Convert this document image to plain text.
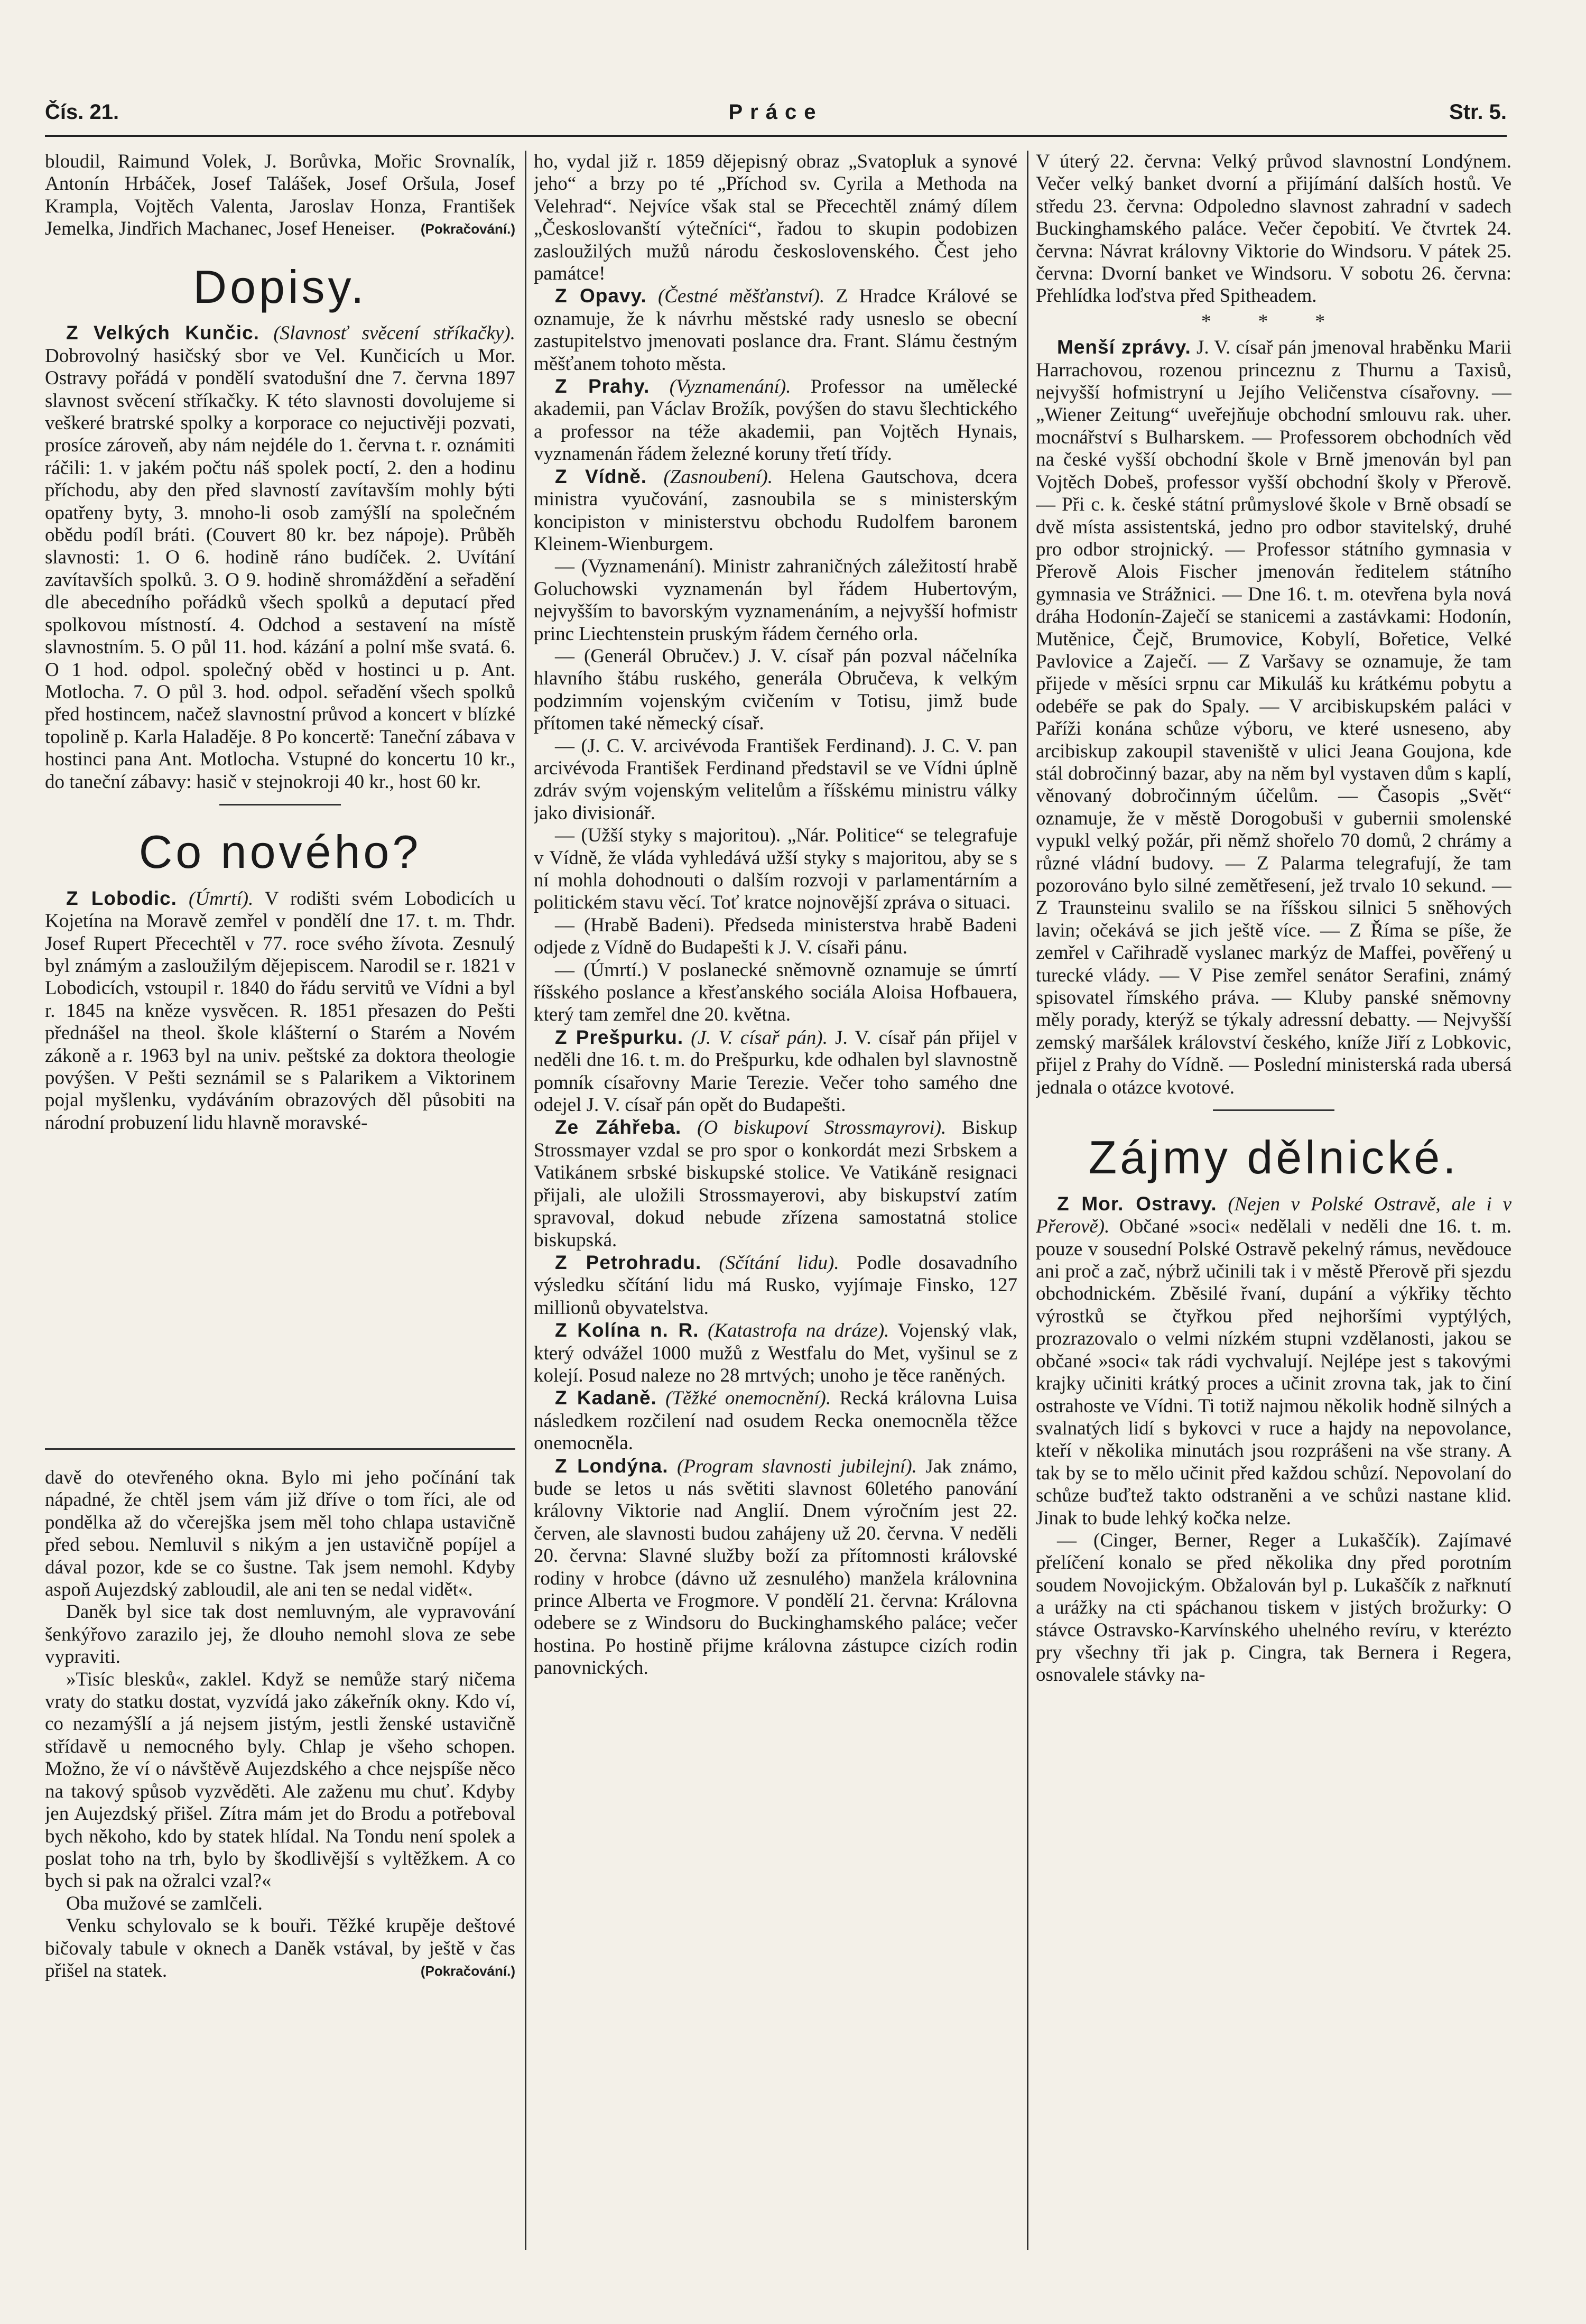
Čís. 21.	Práce	Str. 5.

bloudil, Raimund Volek, J. Borůvka, Mořic Srovnalík, Antonín Hrbáček, Josef Talášek, Josef Oršula, Josef Krampla, Vojtěch Valenta, Jaroslav Honza, František Jemelka, Jindřich Machanec, Josef Heneiser. (Pokračování.)

Dopisy.

Z Velkých Kunčic. (Slavnosť svěcení stříkačky). Dobrovolný hasičský sbor ve Vel. Kunčicích u Mor. Ostravy pořádá v pondělí svatodušní dne 7. června 1897 slavnost svěcení stříkačky. K této slavnosti dovolujeme si veškeré bratrské spolky a korporace co nejuctivěji pozvati, prosíce zároveň, aby nám nejdéle do 1. června t. r. oznámiti ráčili: 1. v jakém počtu náš spolek poctí, 2. den a hodinu příchodu, aby den před slavností zavítavším mohly býti opatřeny byty, 3. mnoho-li osob zamýšlí na společném obědu podíl bráti. (Couvert 80 kr. bez nápoje). Průběh slavnosti: 1. O 6. hodině ráno budíček. 2. Uvítání zavítavších spolků. 3. O 9. hodině shromáždění a seřadění dle abecedního pořádků všech spolků a deputací před spolkovou místností. 4. Odchod a sestavení na místě slavnostním. 5. O půl 11. hod. kázání a polní mše svatá. 6. O 1 hod. odpol. společný oběd v hostinci u p. Ant. Motlocha. 7. O půl 3. hod. odpol. seřadění všech spolků před hostincem, načež slavnostní průvod a koncert v blízké topolině p. Karla Haladěje. 8 Po koncertě: Taneční zábava v hostinci pana Ant. Motlocha. Vstupné do koncertu 10 kr., do taneční zábavy: hasič v stejnokroji 40 kr., host 60 kr.

Co nového?

Z Lobodic. (Úmrtí). V rodišti svém Lobodicích u Kojetína na Moravě zemřel v pondělí dne 17. t. m. Thdr. Josef Rupert Přecechtěl v 77. roce svého žívota. Zesnulý byl známým a zasloužilým dějepiscem. Narodil se r. 1821 v Lobodicích, vstoupil r. 1840 do řádu servitů ve Vídni a byl r. 1845 na kněze vysvěcen. R. 1851 přesazen do Pešti přednášel na theol. škole klášterní o Starém a Novém zákoně a r. 1963 byl na univ. peštské za doktora theologie povýšen. V Pešti seznámil se s Palarikem a Viktorinem pojal myšlenku, vydáváním obrazových děl působiti na národní probuzení lidu hlavně moravské-

davě do otevřeného okna. Bylo mi jeho počínání tak nápadné, že chtěl jsem vám již dříve o tom říci, ale od pondělka až do včerejška jsem měl toho chlapa ustavičně před sebou. Nemluvil s nikým a jen ustavičně popíjel a dával pozor, kde se co šustne. Tak jsem nemohl. Kdyby aspoň Aujezdský zabloudil, ale ani ten se nedal vidět«.

Daněk byl sice tak dost nemluvným, ale vypravování šenkýřovo zarazilo jej, že dlouho nemohl slova ze sebe vypraviti.

»Tisíc blesků«, zaklel. Když se nemůže starý ničema vraty do statku dostat, vyzvídá jako zákeřník okny. Kdo ví, co nezamýšlí a já nejsem jistým, jestli ženské ustavičně střídavě u nemocného byly. Chlap je všeho schopen. Možno, že ví o návštěvě Aujezdského a chce nejspíše něco na takový spůsob vyzvěděti. Ale zaženu mu chuť. Kdyby jen Aujezdský přišel. Zítra mám jet do Brodu a potřeboval bych někoho, kdo by statek hlídal. Na Tondu není spolek a poslat toho na trh, bylo by škodlivější s vyltěžkem. A co bych si pak na ožralci vzal?«

Oba mužové se zamlčeli.

Venku schylovalo se k bouři. Těžké krupěje deštové bičovaly tabule v oknech a Daněk vstával, by ještě v čas přišel na statek.	(Pokračování.)

ho, vydal již r. 1859 dějepisný obraz „Svatopluk a synové jeho“ a brzy po té „Příchod sv. Cyrila a Methoda na Velehrad“. Nejvíce však stal se Přecechtěl známý dílem „Českoslovanští výtečníci“, řadou to skupin podobizen zasloužilých mužů národu československého. Čest jeho památce!

Z Opavy. (Čestné měšťanství). Z Hradce Králové se oznamuje, že k návrhu městské rady usneslo se obecní zastupitelstvo jmenovati poslance dra. Frant. Slámu čestným měšťanem tohoto města.

Z Prahy. (Vyznamenání). Professor na umělecké akademii, pan Václav Brožík, povýšen do stavu šlechtického a professor na téže akademii, pan Vojtěch Hynais, vyznamenán řádem železné koruny třetí třídy.

Z Vídně. (Zasnoubení). Helena Gautschova, dcera ministra vyučování, zasnoubila se s ministerským koncipiston v ministerstvu obchodu Rudolfem baronem Kleinem-Wienburgem.

— (Vyznamenání). Ministr zahraničných záležitostí hrabě Goluchowski vyznamenán byl řádem Hubertovým, nejvyšším to bavorským vyznamenáním, a nejvyšší hofmistr princ Liechtenstein pruským řádem černého orla.

— (Generál Obručev.) J. V. císař pán pozval náčelníka hlavního štábu ruského, generála Obručeva, k velkým podzimním vojenským cvičením v Totisu, jimž bude přítomen také německý císař.

— (J. C. V. arcivévoda František Ferdinand). J. C. V. pan arcivévoda František Ferdinand představil se ve Vídni úplně zdráv svým vojenským velitelům a říšskému ministru války jako divisionář.

— (Užší styky s majoritou). „Nár. Politice“ se telegrafuje v Vídně, že vláda vyhledává užší styky s majoritou, aby se s ní mohla dohodnouti o dalším rozvoji v parlamentárním a politickém stavu věcí. Toť kratce nojnovější zpráva o situaci.

— (Hrabě Badeni). Předseda ministerstva hrabě Badeni odjede z Vídně do Budapešti k J. V. císaři pánu.

— (Úmrtí.) V poslanecké sněmovně oznamuje se úmrtí říšského poslance a křesťanského sociála Aloisa Hofbauera, který tam zemřel dne 20. května.

Z Prešpurku. (J. V. císař pán). J. V. císař pán přijel v neděli dne 16. t. m. do Prešpurku, kde odhalen byl slavnostně pomník císařovny Marie Terezie. Večer toho samého dne odejel J. V. císař pán opět do Budapešti.

Ze Záhřeba. (O biskupoví Strossmayrovi). Biskup Strossmayer vzdal se pro spor o konkordát mezi Srbskem a Vatikánem srbské biskupské stolice. Ve Vatikáně resignaci přijali, ale uložili Strossmayerovi, aby biskupství zatím spravoval, dokud nebude zřízena samostatná stolice biskupská.

Z Petrohradu. (Sčítání lidu). Podle dosavadního výsledku sčítání lidu má Rusko, vyjímaje Finsko, 127 millionů obyvatelstva.

Z Kolína n. R. (Katastrofa na dráze). Vojenský vlak, který odvážel 1000 mužů z Westfalu do Met, vyšinul se z kolejí. Posud naleze no 28 mrtvých; unoho je těce raněných.

Z Kadaně. (Těžké onemocnění). Recká královna Luisa následkem rozčilení nad osudem Recka onemocněla těžce onemocněla.

Z Londýna. (Program slavnosti jubilejní). Jak známo, bude se letos u nás světiti slavnost 60letého panování královny Viktorie nad Anglií. Dnem výročním jest 22. červen, ale slavnosti budou zahájeny už 20. června. V neděli 20. června: Slavné služby boží za přítomnosti královské rodiny v hrobce (dávno už zesnulého) manžela královnina prince Alberta ve Frogmore. V pondělí 21. června: Královna odebere se z Windsoru do Buckinghamského paláce; večer hostina. Po hostině přijme královna zástupce cizích rodin panovnických.

V úterý 22. června: Velký průvod slavnostní Londýnem. Večer velký banket dvorní a přijímání dalších hostů. Ve středu 23. června: Odpoledno slavnost zahradní v sadech Buckinghamského paláce. Večer čepobití. Ve čtvrtek 24. června: Návrat královny Viktorie do Windsoru. V pátek 25. června: Dvorní banket ve Windsoru. V sobotu 26. června: Přehlídka loďstva před Spitheadem.

* * *

Menší zprávy. J. V. císař pán jmenoval hraběnku Marii Harrachovou, rozenou princeznu z Thurnu a Taxisů, nejvyšší hofmistryní u Jejího Veličenstva císařovny. — „Wiener Zeitung“ uveřejňuje obchodní smlouvu rak. uher. mocnářství s Bulharskem. — Professorem obchodních věd na české vyšší obchodní škole v Brně jmenován byl pan Vojtěch Dobeš, professor vyšší obchodní školy v Přerově. — Při c. k. české státní průmyslové škole v Brně obsadí se dvě místa assistentská, jedno pro odbor stavitelský, druhé pro odbor strojnický. — Professor státního gymnasia v Přerově Alois Fischer jmenován ředitelem státního gymnasia ve Strážnici. — Dne 16. t. m. otevřena byla nová dráha Hodonín-Zaječí se stanicemi a zastávkami: Hodonín, Mutěnice, Čejč, Brumovice, Kobylí, Bořetice, Velké Pavlovice a Zaječí. — Z Varšavy se oznamuje, že tam přijede v měsíci srpnu car Mikuláš ku krátkému pobytu a odebéře se pak do Spaly. — V arcibiskupském paláci v Paříži konána schůze výboru, ve které usneseno, aby arcibiskup zakoupil staveniště v ulici Jeana Goujona, kde stál dobročinný bazar, aby na něm byl vystaven dům s kaplí, věnovaný dobročinným účelům. — Časopis „Svět“ oznamuje, že v městě Dorogobuši v gubernii smolenské vypukl velký požár, při němž shořelo 70 domů, 2 chrámy a různé vládní budovy. — Z Palarma telegrafují, že tam pozorováno bylo silné zemětřesení, jež trvalo 10 sekund. — Z Traunsteinu svalilo se na říšskou silnici 5 sněhových lavin; očekává se jich ještě více. — Z Říma se píše, že zemřel v Cařihradě vyslanec markýz de Maffei, pověřený u turecké vlády. — V Pise zemřel senátor Serafini, známý spisovatel římského práva. — Kluby panské sněmovny měly porady, kterýž se týkaly adressní debatty. — Nejvyšší zemský maršálek království českého, kníže Jiří z Lobkovic, přijel z Prahy do Vídně. — Poslední ministerská rada ubersá jednala o otázce kvotové.

Zájmy dělnické.

Z Mor. Ostravy. (Nejen v Polské Ostravě, ale i v Přerově). Občané »soci« nedělali v neděli dne 16. t. m. pouze v sousední Polské Ostravě pekelný rámus, nevědouce ani proč a zač, nýbrž učinili tak i v městě Přerově při sjezdu obchodnickém. Zběsilé řvaní, dupání a výkřiky těchto výrostků se čtyřkou před nejhoršími vyptýlých, prozrazovalo o velmi nízkém stupni vzdělanosti, jakou se občané »soci« tak rádi vychvalují. Nejlépe jest s takovými krajky učiniti krátký proces a učinit zrovna tak, jak to činí ostrahoste ve Vídni. Ti totiž najmou několik hodně silných a svalnatých lidí s bykovci v ruce a hajdy na nepovolance, kteří v několika minutách jsou rozprášeni na vše strany. A tak by se to mělo učinit před každou schůzí. Nepovolaní do schůze buďtež takto odstraněni a ve schůzi nastane klid. Jinak to bude lehký kočka nelze.

— (Cinger, Berner, Reger a Lukaščík). Zajímavé přelíčení konalo se před několika dny před porotním soudem Novojickým. Obžalován byl p. Lukaščík z nařknutí a urážky na cti spáchanou tiskem v jistých brožurky: O stávce Ostravsko-Karvínského uhelného revíru, v kterézto pry všechny tři jak p. Cingra, tak Bernera i Regera, osnovalele stávky na-
